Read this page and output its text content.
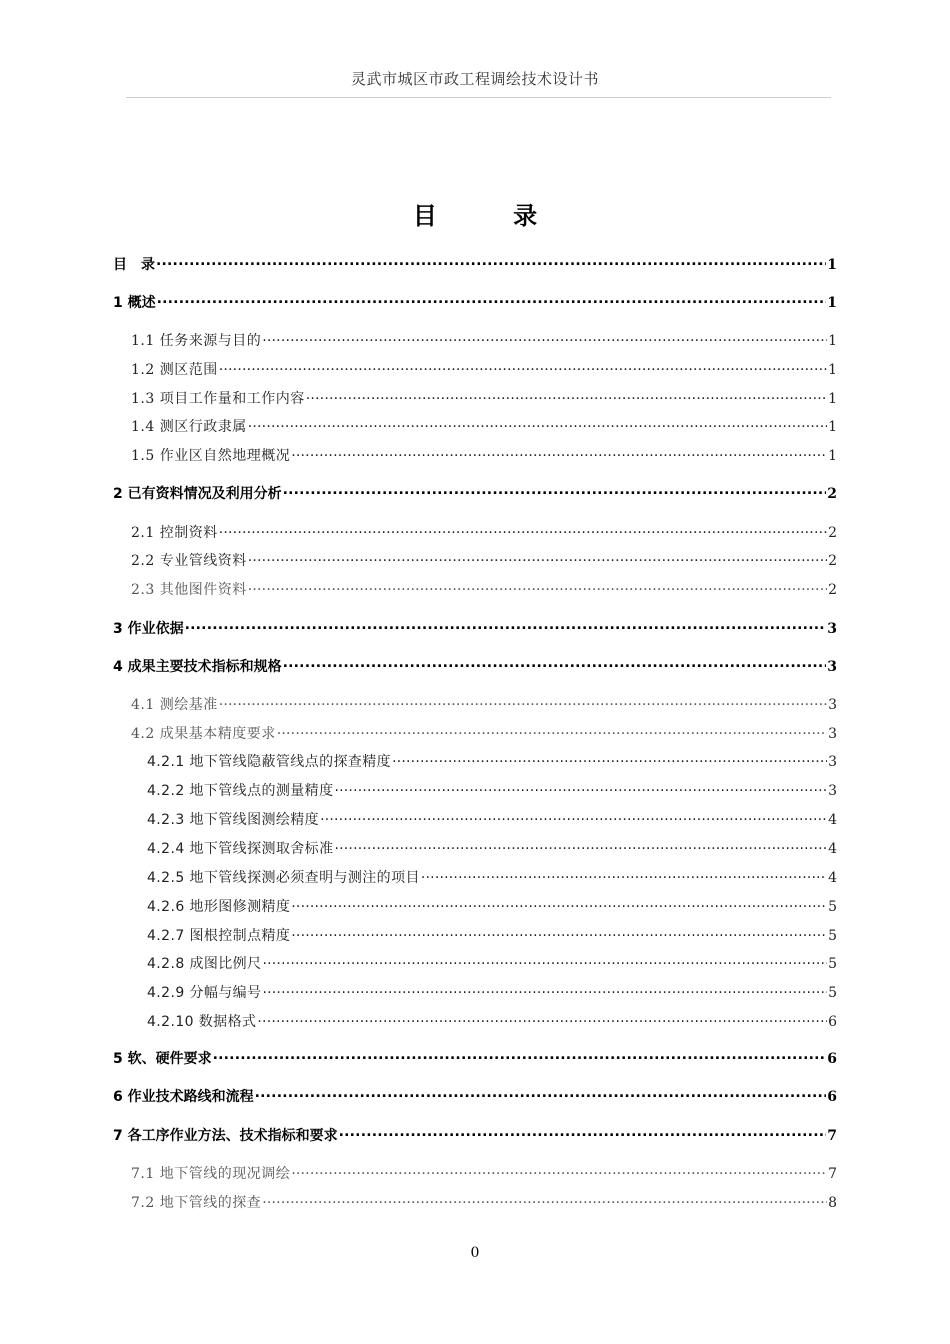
灵武市城区市政工程调绘技术设计书
目 录
目　录 .....	1
1 概述 .....	1
1.1 任务来源与目的 .....	1
1.2 测区范围 .....	1
1.3 项目工作量和工作内容 .....	1
1.4 测区行政隶属 .....	1
1.5 作业区自然地理概况 .....	1
2 已有资料情况及利用分析 .....	2
2.1 控制资料 .....	2
2.2 专业管线资料 .....	2
2.3 其他图件资料 .....	2
3 作业依据 .....	3
4 成果主要技术指标和规格 .....	3
4.1 测绘基准 .....	3
4.2 成果基本精度要求 .....	3
4.2.1 地下管线隐蔽管线点的探查精度 .....	3
4.2.2 地下管线点的测量精度 .....	3
4.2.3 地下管线图测绘精度 .....	4
4.2.4 地下管线探测取舍标准 .....	4
4.2.5 地下管线探测必须查明与测注的项目 .....	4
4.2.6 地形图修测精度 .....	5
4.2.7 图根控制点精度 .....	5
4.2.8 成图比例尺 .....	5
4.2.9 分幅与编号 .....	5
4.2.10 数据格式 .....	6
5 软、硬件要求 .....	6
6 作业技术路线和流程 .....	6
7 各工序作业方法、技术指标和要求 .....	7
7.1 地下管线的现况调绘 .....	7
7.2 地下管线的探查 .....	8
0
